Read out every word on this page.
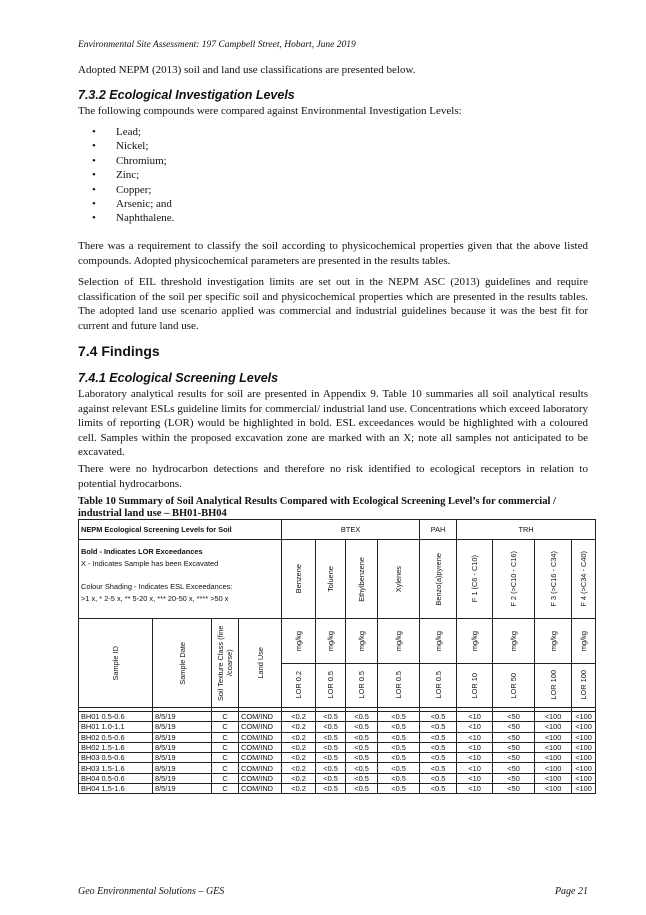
Environmental Site Assessment: 197 Campbell Street, Hobart, June 2019

Adopted NEPM (2013) soil and land use classifications are presented below.

7.3.2 Ecological Investigation Levels

The following compounds were compared against Environmental Investigation Levels:

• Lead;
• Nickel;
• Chromium;
• Zinc;
• Copper;
• Arsenic; and
• Naphthalene.

There was a requirement to classify the soil according to physicochemical properties given that the above listed compounds. Adopted physicochemical parameters are presented in the results tables.

Selection of EIL threshold investigation limits are set out in the NEPM ASC (2013) guidelines and require classification of the soil per specific soil and physicochemical properties which are presented in the results tables. The adopted land use scenario applied was commercial and industrial guidelines because it was the best fit for current and future land use.

7.4 Findings
7.4.1 Ecological Screening Levels

Laboratory analytical results for soil are presented in Appendix 9. Table 10 summaries all soil analytical results against relevant ESLs guideline limits for commercial/ industrial land use. Concentrations which exceed laboratory limits of reporting (LOR) would be highlighted in bold. ESL exceedances would be highlighted with a coloured cell. Samples within the proposed excavation zone are marked with an X; note all samples not anticipated to be excavated.

There were no hydrocarbon detections and therefore no risk identified to ecological receptors in relation to potential hydrocarbons.

Table 10 Summary of Soil Analytical Results Compared with Ecological Screening Level’s for commercial / industrial land use – BH01-BH04
NEPM Ecological Screening Levels for Soil				BTEX				PAH	TRH			

Bold - Indicates LOR Exceedances
X - Indicates Sample has been Excavated
Colour Shading - Indicates ESL Exceedances:
>1 x, * 2-5 x, ** 5-20 x, *** 20-50 x, **** >50 x				Benzene	Toluene	Ethylbenzene	Xylenes	Benzo(a)pyrene	F 1 (C6 - C10)	F 2 (>C10 - C16)	F 3 (>C16 - C34)	F 4 (>C34 - C40)

Sample ID	Sample Date	Soil Texture Class (fine /coarse)	Land Use	mg/kg	mg/kg	mg/kg	mg/kg	mg/kg	mg/kg	mg/kg	mg/kg	mg/kg

				LOR 0.2	LOR 0.5	LOR 0.5	LOR 0.5	LOR 0.5	LOR 10	LOR 50	LOR 100	LOR 100

BH01 0.5-0.6	8/5/19	C	COM/IND	<0.2	<0.5	<0.5	<0.5	<0.5	<10	<50	<100	<100
BH01 1.0-1.1	8/5/19	C	COM/IND	<0.2	<0.5	<0.5	<0.5	<0.5	<10	<50	<100	<100
BH02 0.5-0.6	8/5/19	C	COM/IND	<0.2	<0.5	<0.5	<0.5	<0.5	<10	<50	<100	<100
BH02 1.5-1.6	8/5/19	C	COM/IND	<0.2	<0.5	<0.5	<0.5	<0.5	<10	<50	<100	<100
BH03 0.5-0.6	8/5/19	C	COM/IND	<0.2	<0.5	<0.5	<0.5	<0.5	<10	<50	<100	<100
BH03 1.5-1.6	8/5/19	C	COM/IND	<0.2	<0.5	<0.5	<0.5	<0.5	<10	<50	<100	<100
BH04 0.5-0.6	8/5/19	C	COM/IND	<0.2	<0.5	<0.5	<0.5	<0.5	<10	<50	<100	<100
BH04 1.5-1.6	8/5/19	C	COM/IND	<0.2	<0.5	<0.5	<0.5	<0.5	<10	<50	<100	<100
Geo Environmental Solutions – GES	Page 21
